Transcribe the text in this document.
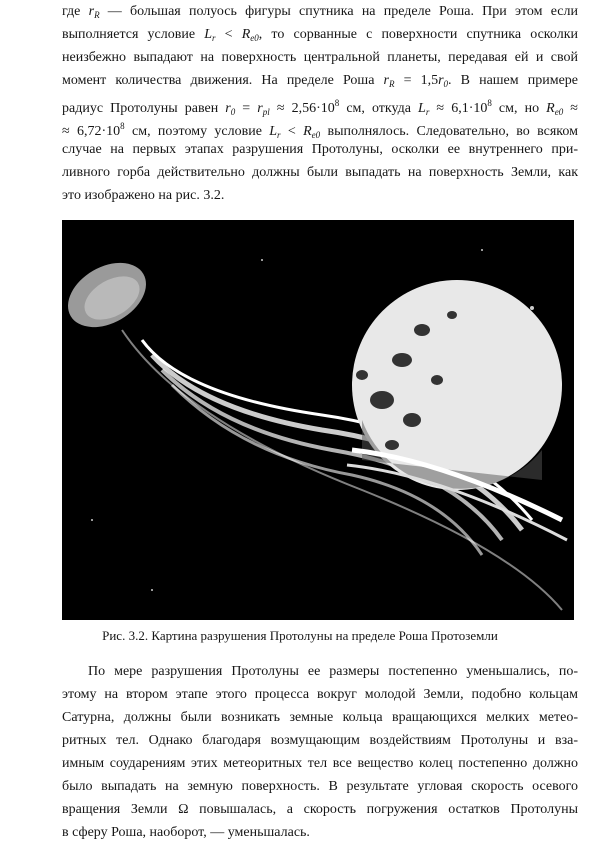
где $r_R$ — большая полуось фигуры спутника на пределе Роша. При этом если
выполняется условие $L_r < R_{e0}$, то сорванные с поверхности спутника осколки
неизбежно выпадают на поверхность центральной планеты, передавая ей и свой
момент количества движения. На пределе Роша $r_R = 1,5r_0$. В нашем примере
радиус Протолуны равен $r_0 = r_{pl} \approx 2,56\cdot 10^8$ см, откуда $L_r \approx 6,1\cdot 10^8$ см, но $R_{e0}$ ≈
≈ $6,72\cdot 10^8$ см, поэтому условие $L_r < R_{e0}$ выполнялось. Следовательно, во всяком
случае на первых этапах разрушения Протолуны, осколки ее внутреннего при-
ливного горба действительно должны были выпадать на поверхность Земли, как
это изображено на рис. 3.2.
Рис. 3.2. Картина разрушения Протолуны на пределе Роша Протоземли
По мере разрушения Протолуны ее размеры постепенно уменьшались, по-
этому на втором этапе этого процесса вокруг молодой Земли, подобно кольцам
Сатурна, должны были возникать земные кольца вращающихся мелких метео-
ритных тел. Однако благодаря возмущающим воздействиям Протолуны и вза-
имным соударениям этих метеоритных тел все вещество колец постепенно должно
было выпадать на земную поверхность. В результате угловая скорость осевого
вращения Земли Ω повышалась, а скорость погружения остатков Протолуны
в сферу Роша, наоборот, — уменьшалась.
